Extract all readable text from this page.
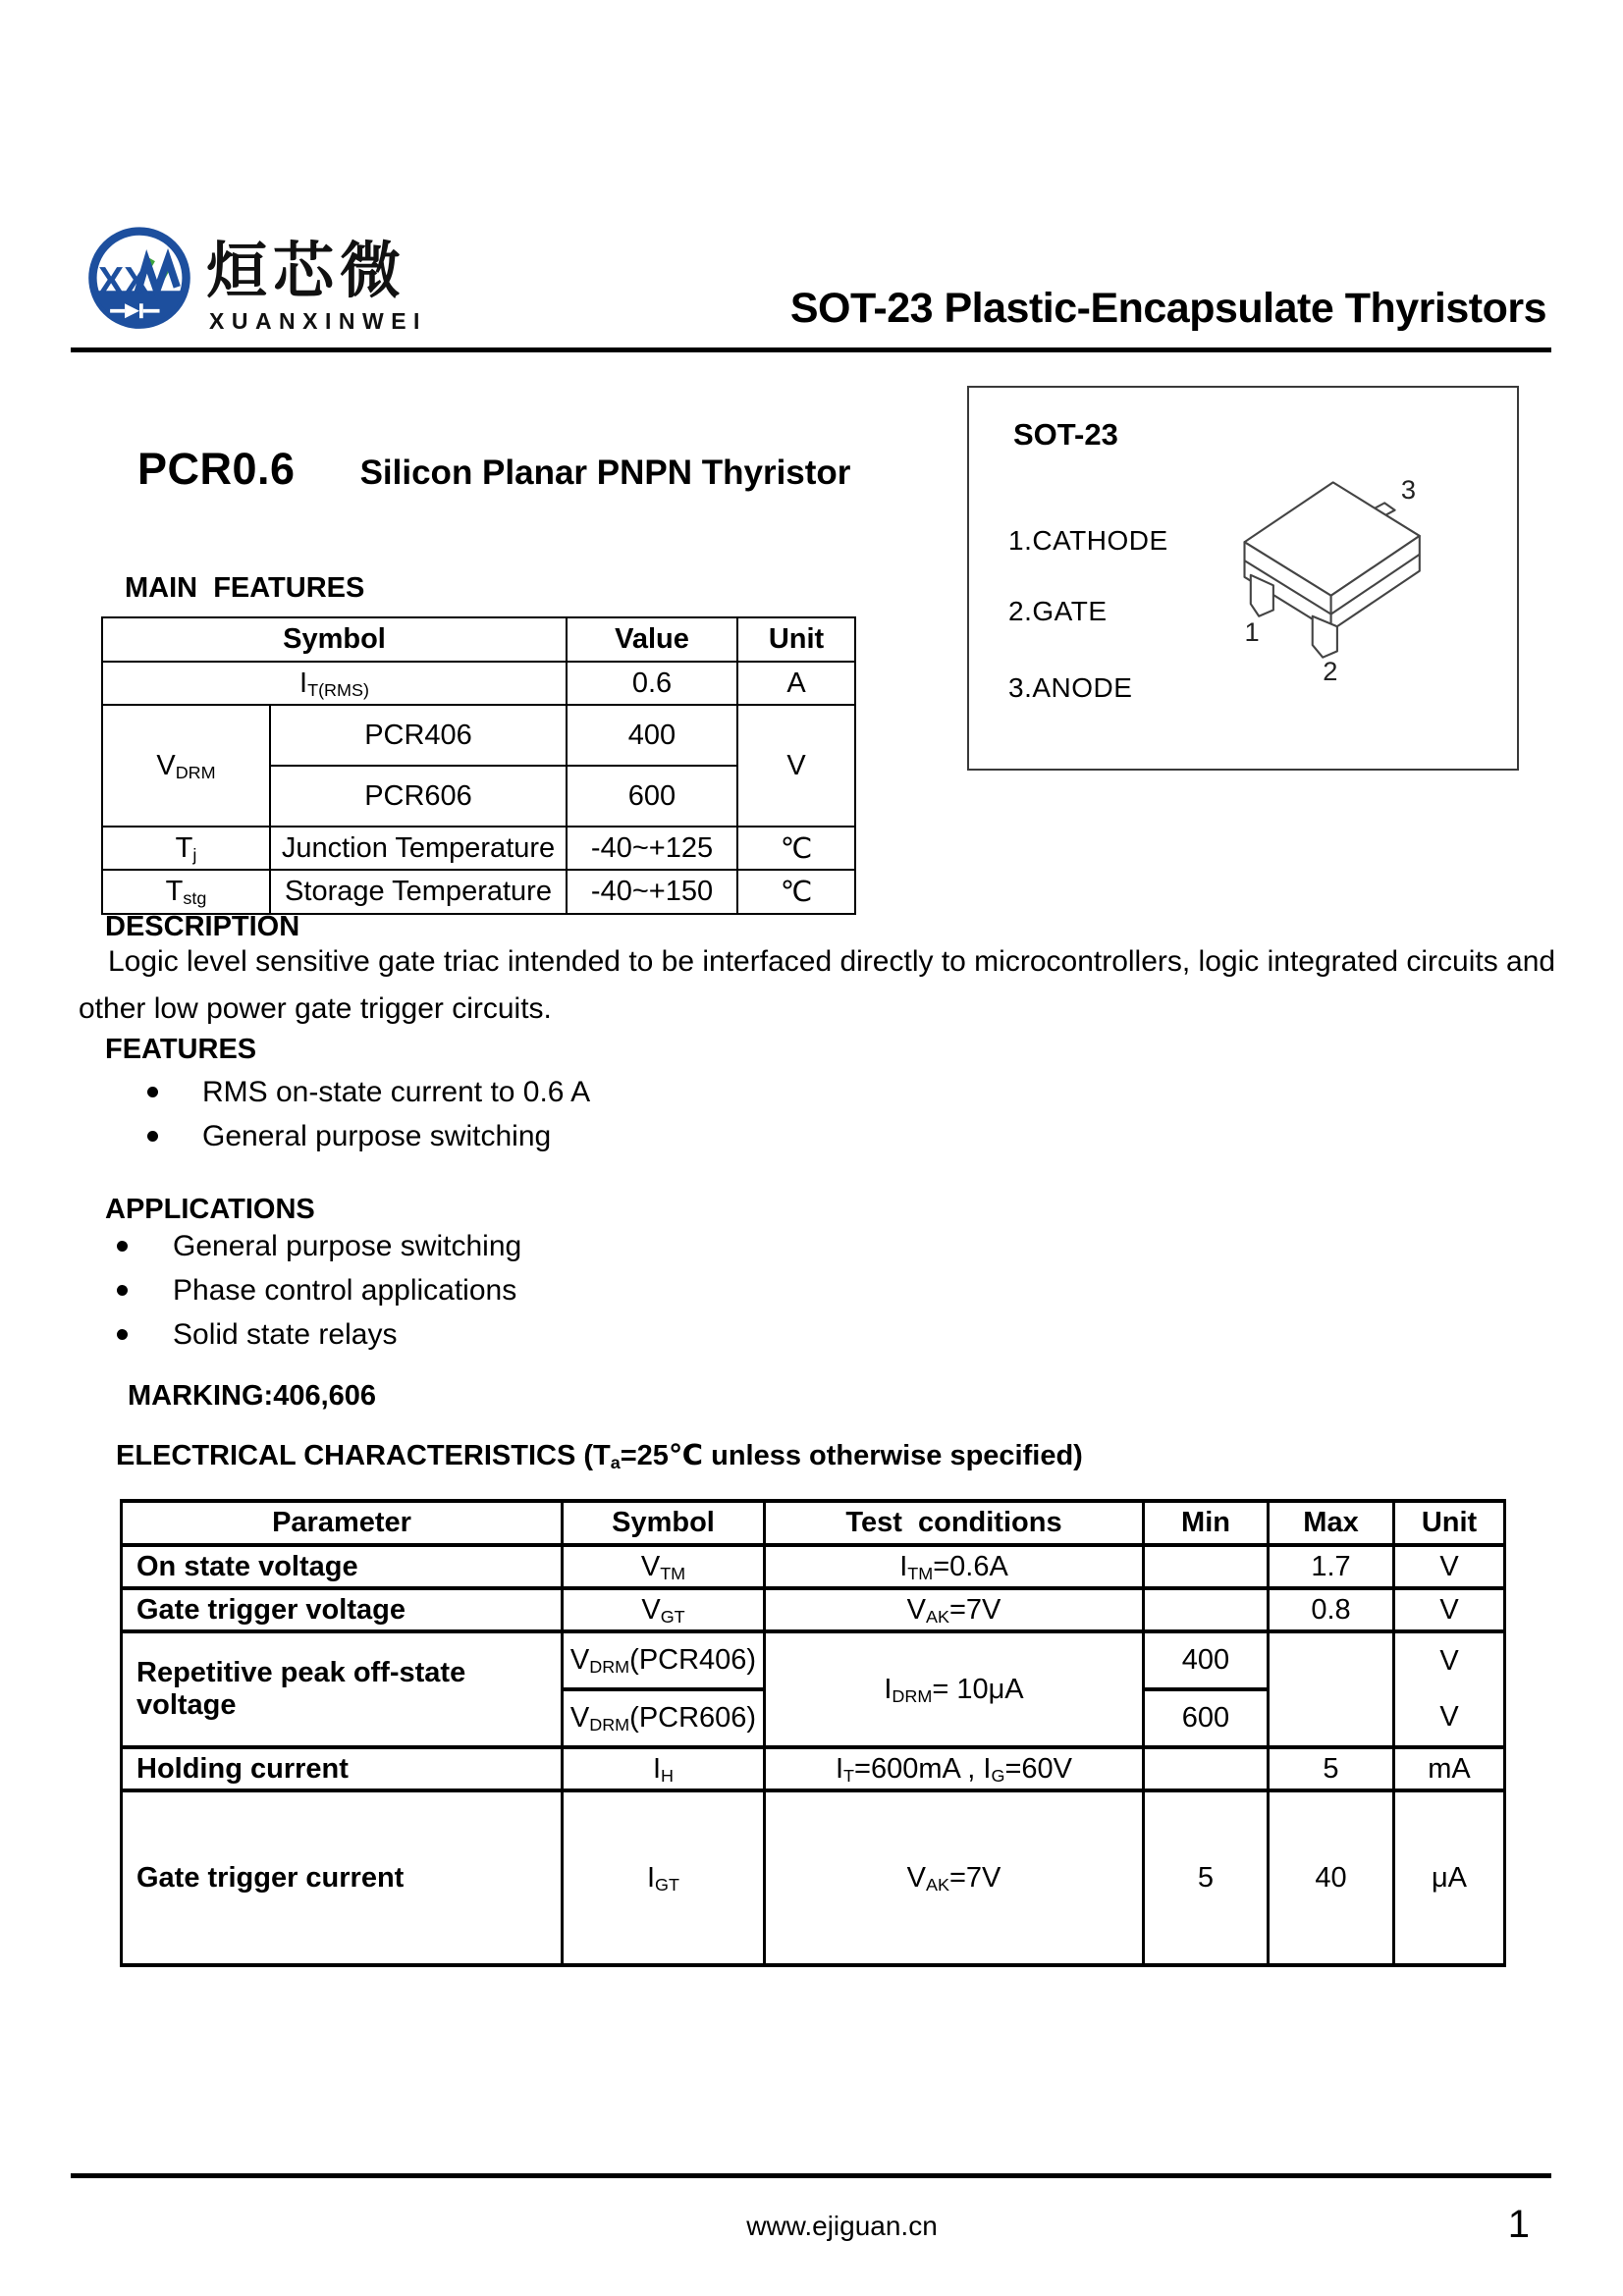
XX 烜芯微
XUANXINWEI	SOT-23 Plastic-Encapsulate Thyristors
PCR0.6 Silicon Planar PNPN Thyristor
MAIN  FEATURES
Symbol		Value	Unit
$I_{T(RMS)}$		0.6	A
$V_{DRM}$	PCR406	400	V
	PCR606	600	
$T_j$	Junction Temperature	-40~+125	℃
$T_{stg}$	Storage Temperature	-40~+150	℃
SOT-23
1.CATHODE
2.GATE
3.ANODE
1
2
3
DESCRIPTION

Logic level sensitive gate triac intended to be interfaced directly to microcontrollers, logic integrated circuits and other low power gate trigger circuits.

FEATURES
RMS on-state current to 0.6 A
General purpose switching
APPLICATIONS
General purpose switching
Phase control applications
Solid state relays
MARKING:406,606
ELECTRICAL CHARACTERISTICS ($T_a=25℃$ unless otherwise specified)
Parameter	Symbol	Test  conditions	Min	Max	Unit
On state voltage	$V_{TM}$	$I_{TM}=0.6A$		1.7	V
Gate trigger voltage	$V_{GT}$	$V_{AK}=7V$		0.8	V
Repetitive peak off-state voltage	$V_{DRM}(PCR406)$	$I_{DRM}= 10\mu A$	400		V
	$V_{DRM}(PCR606)$		600		V
Holding current	$I_H$	$I_T=600mA$ , $I_G=60V$		5	mA
Gate trigger current	$I_{GT}$	$V_{AK}=7V$	5	40	μA
www.ejiguan.cn	1
